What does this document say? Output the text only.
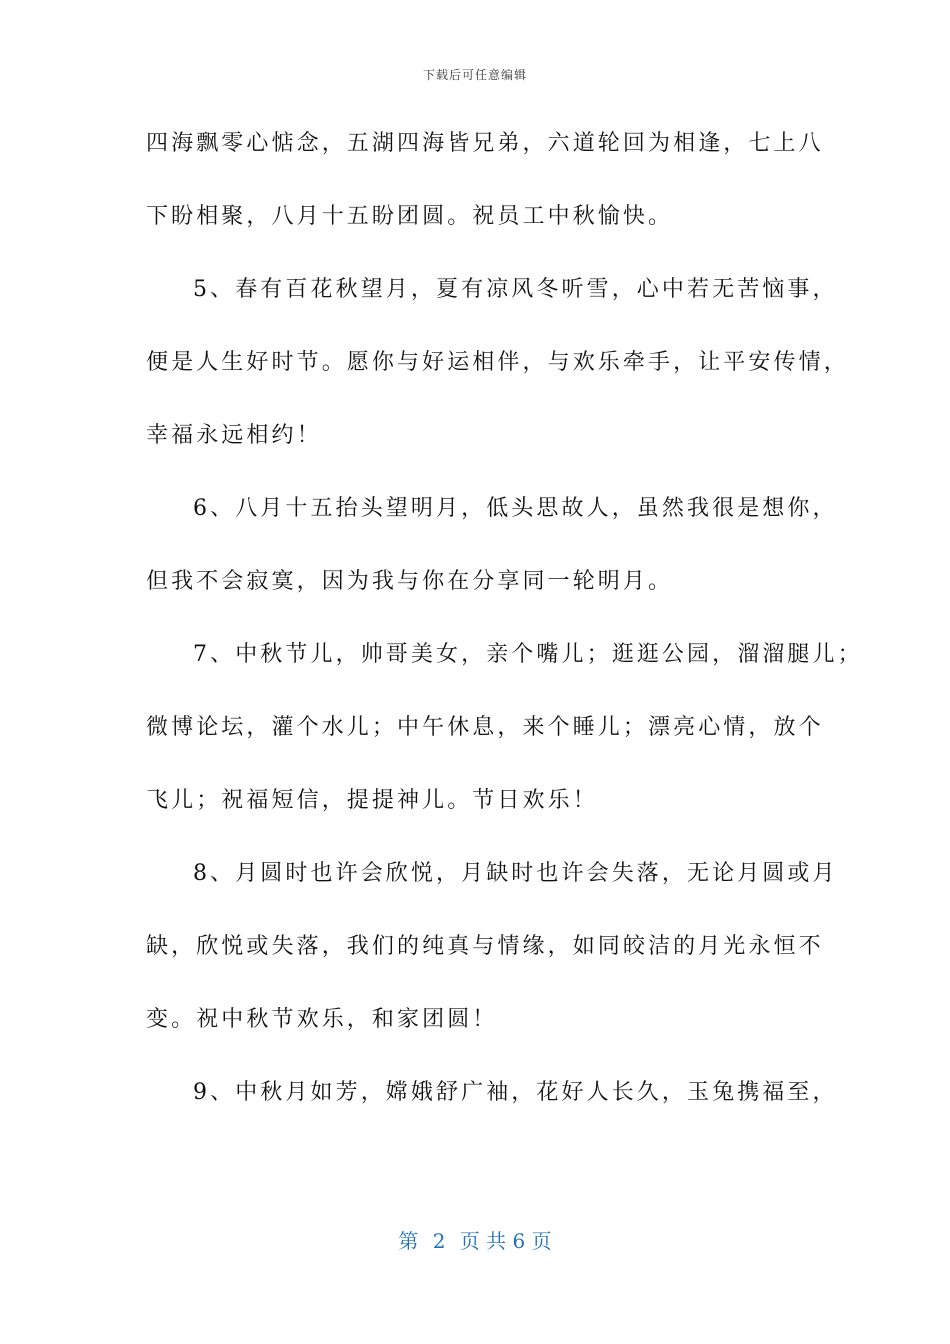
下载后可任意编辑
四海飘零心惦念，五湖四海皆兄弟，六道轮回为相逢，七上八
下盼相聚，八月十五盼团圆。祝员工中秋愉快。
5、春有百花秋望月，夏有凉风冬听雪，心中若无苦恼事，
便是人生好时节。愿你与好运相伴，与欢乐牵手，让平安传情，
幸福永远相约！
6、八月十五抬头望明月，低头思故人，虽然我很是想你，
但我不会寂寞，因为我与你在分享同一轮明月。
7、中秋节儿，帅哥美女，亲个嘴儿；逛逛公园，溜溜腿儿；
微博论坛，灌个水儿；中午休息，来个睡儿；漂亮心情，放个
飞儿；祝福短信，提提神儿。节日欢乐！
8、月圆时也许会欣悦，月缺时也许会失落，无论月圆或月
缺，欣悦或失落，我们的纯真与情缘，如同皎洁的月光永恒不
变。祝中秋节欢乐，和家团圆！
9、中秋月如芳，嫦娥舒广袖，花好人长久，玉兔携福至，
第 2 页 共 6 页
